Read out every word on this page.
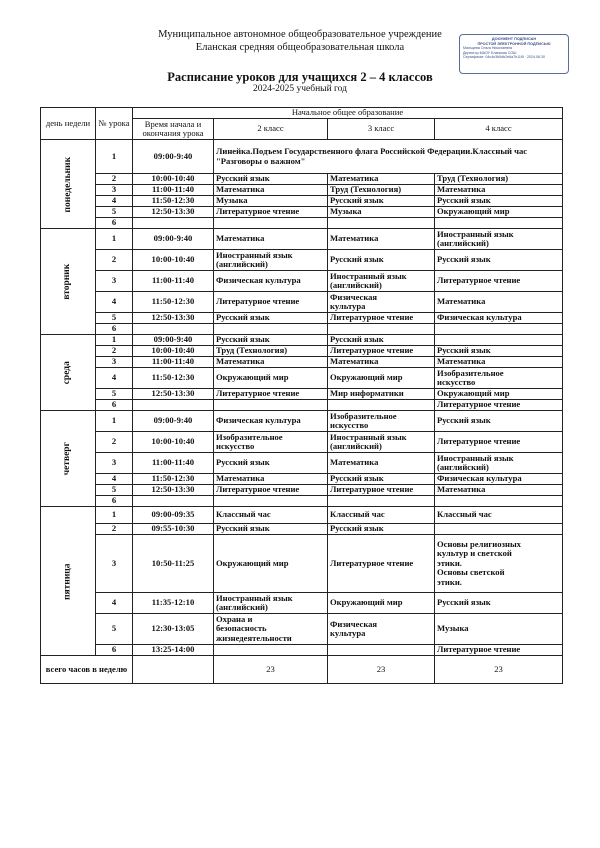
Муниципальное автономное общеобразовательное учреждение
Еланская средняя общеобразовательная школа
ДОКУМЕНТ ПОДПИСАН
ПРОСТОЙ ЭЛЕКТРОННОЙ ПОДПИСЬЮ
Мальцева Ольга Николаевна
Директор МАОУ Еланская СОШ
Сертификат: 04c4e3b5db2e6a7b11f0 · 2024.08.30
Расписание уроков для учащихся 2 – 4 классов
2024-2025 учебный год
день недели	№ урока	Начальное общее образование			
		Время начала и окончания урока	2 класс	3 класс	4 класс
понедельник	1	09:00-9:40	Линейка.Подъем Государственного флага Российской Федерации.Классный час "Разговоры о важном"		
	2	10:00-10:40	Русский язык	Математика	Труд (Технология)

	3	11:00-11:40	Математика	Труд (Технология)	Математика

	4	11:50-12:30	Музыка	Русский язык	Русский язык

	5	12:50-13:30	Литературное чтение	Музыка	Окружающий мир

	6		

вторник	1	09:00-9:40	Математика	Математика	Иностранный язык
(английский)

	2	10:00-10:40	Иностранный язык
(английский)	Русский язык	Русский язык

	3	11:00-11:40	Физическая культура	Иностранный язык
(английский)	Литературное чтение

	4	11:50-12:30	Литературное чтение	Физическая
культура	Математика

	5	12:50-13:30	Русский язык	Литературное чтение	Физическая культура

	6		

среда	1	09:00-9:40	Русский язык	Русский язык	

	2	10:00-10:40	Труд (Технология)	Литературное чтение	Русский язык

	3	11:00-11:40	Математика	Математика	Математика

	4	11:50-12:30	Окружающий мир	Окружающий мир	Изобразительное
искусство

	5	12:50-13:30	Литературное чтение	Мир информатики	Окружающий мир

	6				Литературное чтение

четверг	1	09:00-9:40	Физическая культура	Изобразительное
искусство	Русский язык

	2	10:00-10:40	Изобразительное
искусство	Иностранный язык
(английский)	Литературное чтение

	3	11:00-11:40	Русский язык	Математика	Иностранный язык
(английский)

	4	11:50-12:30	Математика	Русский язык	Физическая культура

	5	12:50-13:30	Литературное чтение	Литературное чтение	Математика

	6		

пятница	1	09:00-09:35	Классный час	Классный час	Классный час

	2	09:55-10:30	Русский язык	Русский язык	

	3	10:50-11:25	Окружающий мир	Литературное чтение	Основы религиозных
культур и светской
этики.
Основы светской
этики.

	4	11:35-12:10	Иностранный язык
(английский)	Окружающий мир	Русский язык

	5	12:30-13:05	Охрана и
безопасность
жизнедеятельности	Физическая
культура	Музыка

	6	13:25-14:00			Литературное чтение

всего часов в неделю			23	23	23
